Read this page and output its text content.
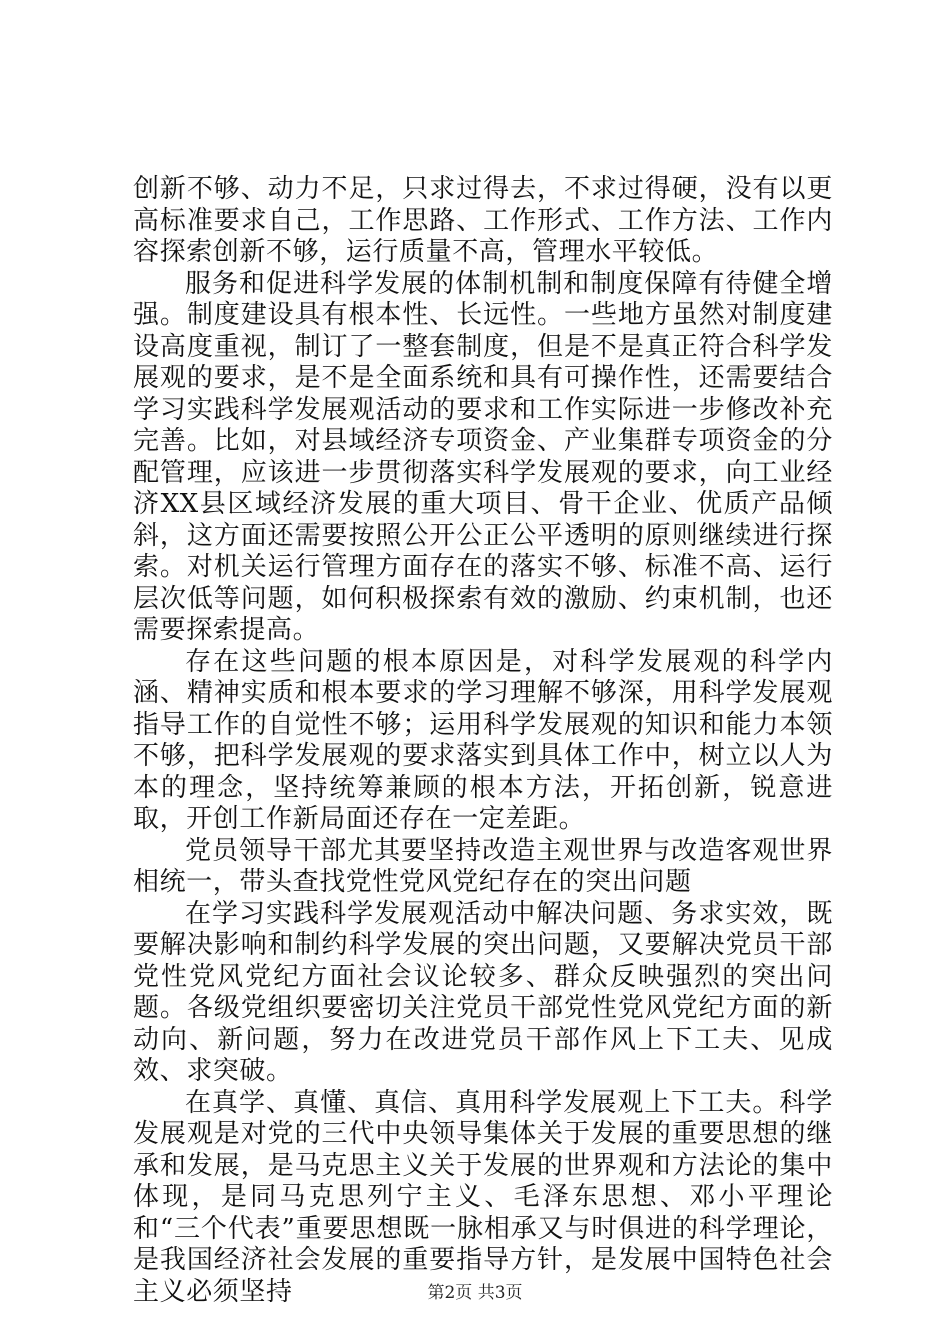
创新不够、动力不足，只求过得去，不求过得硬，没有以更高标准要求自己，工作思路、工作形式、工作方法、工作内容探索创新不够，运行质量不高，管理水平较低。

服务和促进科学发展的体制机制和制度保障有待健全增强。制度建设具有根本性、长远性。一些地方虽然对制度建设高度重视，制订了一整套制度，但是不是真正符合科学发展观的要求，是不是全面系统和具有可操作性，还需要结合学习实践科学发展观活动的要求和工作实际进一步修改补充完善。比如，对县域经济专项资金、产业集群专项资金的分配管理，应该进一步贯彻落实科学发展观的要求，向工业经济XX县区域经济发展的重大项目、骨干企业、优质产品倾斜，这方面还需要按照公开公正公平透明的原则继续进行探索。对机关运行管理方面存在的落实不够、标准不高、运行层次低等问题，如何积极探索有效的激励、约束机制，也还需要探索提高。

存在这些问题的根本原因是，对科学发展观的科学内涵、精神实质和根本要求的学习理解不够深，用科学发展观指导工作的自觉性不够；运用科学发展观的知识和能力本领不够，把科学发展观的要求落实到具体工作中，树立以人为本的理念，坚持统筹兼顾的根本方法，开拓创新，锐意进取，开创工作新局面还存在一定差距。

党员领导干部尤其要坚持改造主观世界与改造客观世界相统一，带头查找党性党风党纪存在的突出问题

在学习实践科学发展观活动中解决问题、务求实效，既要解决影响和制约科学发展的突出问题，又要解决党员干部党性党风党纪方面社会议论较多、群众反映强烈的突出问题。各级党组织要密切关注党员干部党性党风党纪方面的新动向、新问题，努力在改进党员干部作风上下工夫、见成效、求突破。

在真学、真懂、真信、真用科学发展观上下工夫。科学发展观是对党的三代中央领导集体关于发展的重要思想的继承和发展，是马克思主义关于发展的世界观和方法论的集中体现，是同马克思列宁主义、毛泽东思想、邓小平理论和“三个代表”重要思想既一脉相承又与时俱进的科学理论，是我国经济社会发展的重要指导方针，是发展中国特色社会主义必须坚持	第2页 共3页
